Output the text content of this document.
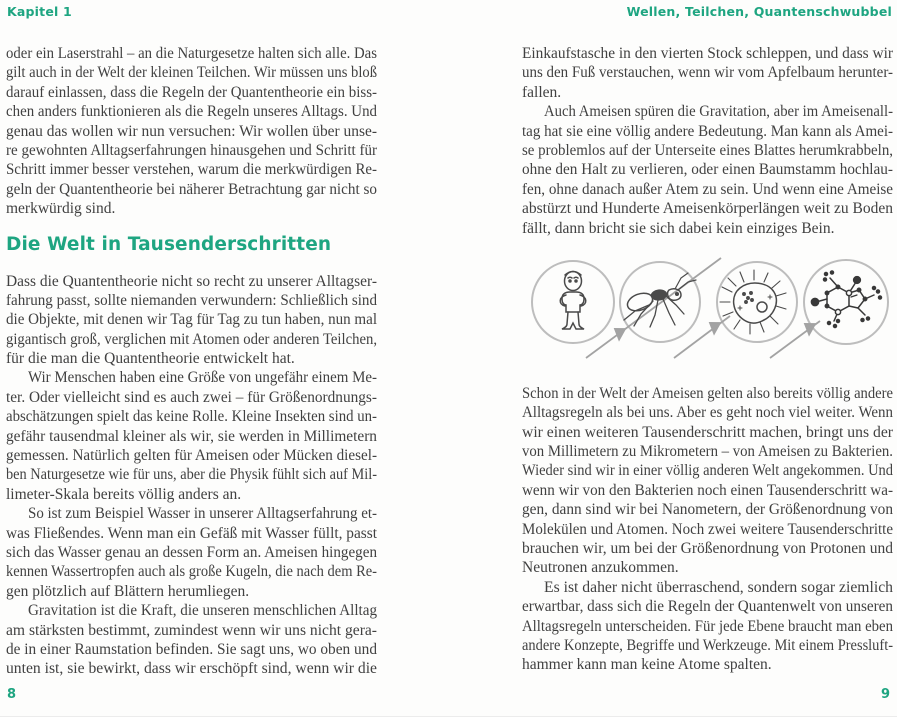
Kapitel 1	Wellen, Teilchen, Quantenschwubbel
oder ein Laserstrahl – an die Naturgesetze halten sich alle. Das
gilt auch in der Welt der kleinen Teilchen. Wir müssen uns bloß
darauf einlassen, dass die Regeln der Quantentheorie ein biss-
chen anders funktionieren als die Regeln unseres Alltags. Und
genau das wollen wir nun versuchen: Wir wollen über unse-
re gewohnten Alltagserfahrungen hinausgehen und Schritt für
Schritt immer besser verstehen, warum die merkwürdigen Re-
geln der Quantentheorie bei näherer Betrachtung gar nicht so
merkwürdig sind.
Die Welt in Tausenderschritten
Dass die Quantentheorie nicht so recht zu unserer Alltagser-
fahrung passt, sollte niemanden verwundern: Schließlich sind
die Objekte, mit denen wir Tag für Tag zu tun haben, nun mal
gigantisch groß, verglichen mit Atomen oder anderen Teilchen,
für die man die Quantentheorie entwickelt hat.
Wir Menschen haben eine Größe von ungefähr einem Me-
ter. Oder vielleicht sind es auch zwei – für Größenordnungs-
abschätzungen spielt das keine Rolle. Kleine Insekten sind un-
gefähr tausendmal kleiner als wir, sie werden in Millimetern
gemessen. Natürlich gelten für Ameisen oder Mücken diesel-
ben Naturgesetze wie für uns, aber die Physik fühlt sich auf Mil-
limeter-Skala bereits völlig anders an.
So ist zum Beispiel Wasser in unserer Alltagserfahrung et-
was Fließendes. Wenn man ein Gefäß mit Wasser füllt, passt
sich das Wasser genau an dessen Form an. Ameisen hingegen
kennen Wassertropfen auch als große Kugeln, die nach dem Re-
gen plötzlich auf Blättern herumliegen.
Gravitation ist die Kraft, die unseren menschlichen Alltag
am stärksten bestimmt, zumindest wenn wir uns nicht gera-
de in einer Raumstation befinden. Sie sagt uns, wo oben und
unten ist, sie bewirkt, dass wir erschöpft sind, wenn wir die
Einkaufstasche in den vierten Stock schleppen, und dass wir
uns den Fuß verstauchen, wenn wir vom Apfelbaum herunter-
fallen.
Auch Ameisen spüren die Gravitation, aber im Ameisenall-
tag hat sie eine völlig andere Bedeutung. Man kann als Amei-
se problemlos auf der Unterseite eines Blattes herumkrabbeln,
ohne den Halt zu verlieren, oder einen Baumstamm hochlau-
fen, ohne danach außer Atem zu sein. Und wenn eine Ameise
abstürzt und Hunderte Ameisenkörperlängen weit zu Boden
fällt, dann bricht sie sich dabei kein einziges Bein.
Schon in der Welt der Ameisen gelten also bereits völlig andere
Alltagsregeln als bei uns. Aber es geht noch viel weiter. Wenn
wir einen weiteren Tausenderschritt machen, bringt uns der
von Millimetern zu Mikrometern – von Ameisen zu Bakterien.
Wieder sind wir in einer völlig anderen Welt angekommen. Und
wenn wir von den Bakterien noch einen Tausenderschritt wa-
gen, dann sind wir bei Nanometern, der Größenordnung von
Molekülen und Atomen. Noch zwei weitere Tausenderschritte
brauchen wir, um bei der Größenordnung von Protonen und
Neutronen anzukommen.
Es ist daher nicht überraschend, sondern sogar ziemlich
erwartbar, dass sich die Regeln der Quantenwelt von unseren
Alltagsregeln unterscheiden. Für jede Ebene braucht man eben
andere Konzepte, Begriffe und Werkzeuge. Mit einem Pressluft-
hammer kann man keine Atome spalten.
8	9
